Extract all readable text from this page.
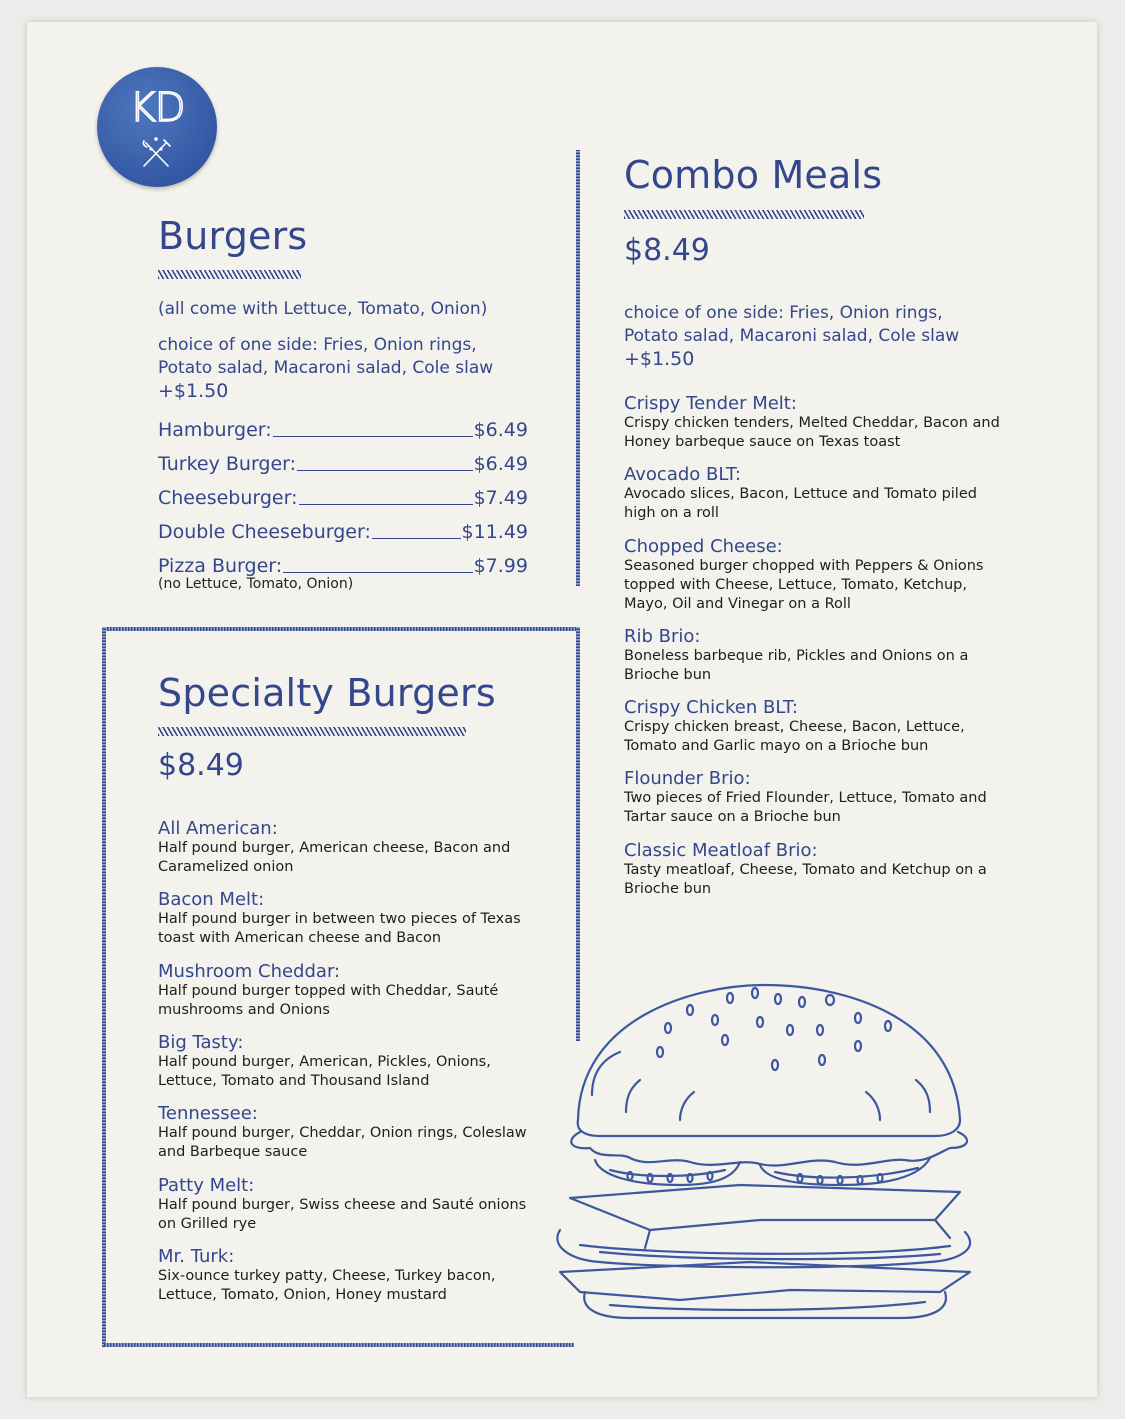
KD
Burgers
(all come with Lettuce, Tomato, Onion)
choice of one side: Fries, Onion rings,
Potato salad, Macaroni salad, Cole slaw
+$1.50
Hamburger:	$6.49
Turkey Burger:	$6.49
Cheeseburger:	$7.49
Double Cheeseburger:	$11.49
Pizza Burger:	$7.99
(no Lettuce, Tomato, Onion)
Specialty Burgers
$8.49
All American:
Half pound burger, American cheese, Bacon and Caramelized onion
Bacon Melt:
Half pound burger in between two pieces of Texas toast with American cheese and Bacon
Mushroom Cheddar:
Half pound burger topped with Cheddar, Sauté mushrooms and Onions
Big Tasty:
Half pound burger, American, Pickles, Onions, Lettuce, Tomato and Thousand Island
Tennessee:
Half pound burger, Cheddar, Onion rings, Coleslaw and Barbeque sauce
Patty Melt:
Half pound burger, Swiss cheese and Sauté onions on Grilled rye
Mr. Turk:
Six-ounce turkey patty, Cheese, Turkey bacon, Lettuce, Tomato, Onion, Honey mustard
Combo Meals
$8.49
choice of one side: Fries, Onion rings,
Potato salad, Macaroni salad, Cole slaw
+$1.50
Crispy Tender Melt:
Crispy chicken tenders, Melted Cheddar, Bacon and Honey barbeque sauce on Texas toast
Avocado BLT:
Avocado slices, Bacon, Lettuce and Tomato piled high on a roll
Chopped Cheese:
Seasoned burger chopped with Peppers & Onions topped with Cheese, Lettuce, Tomato, Ketchup, Mayo, Oil and Vinegar on a Roll
Rib Brio:
Boneless barbeque rib, Pickles and Onions on a Brioche bun
Crispy Chicken BLT:
Crispy chicken breast, Cheese, Bacon, Lettuce, Tomato and Garlic mayo on a Brioche bun
Flounder Brio:
Two pieces of Fried Flounder, Lettuce, Tomato and Tartar sauce on a Brioche bun
Classic Meatloaf Brio:
Tasty meatloaf, Cheese, Tomato and Ketchup on a Brioche bun
